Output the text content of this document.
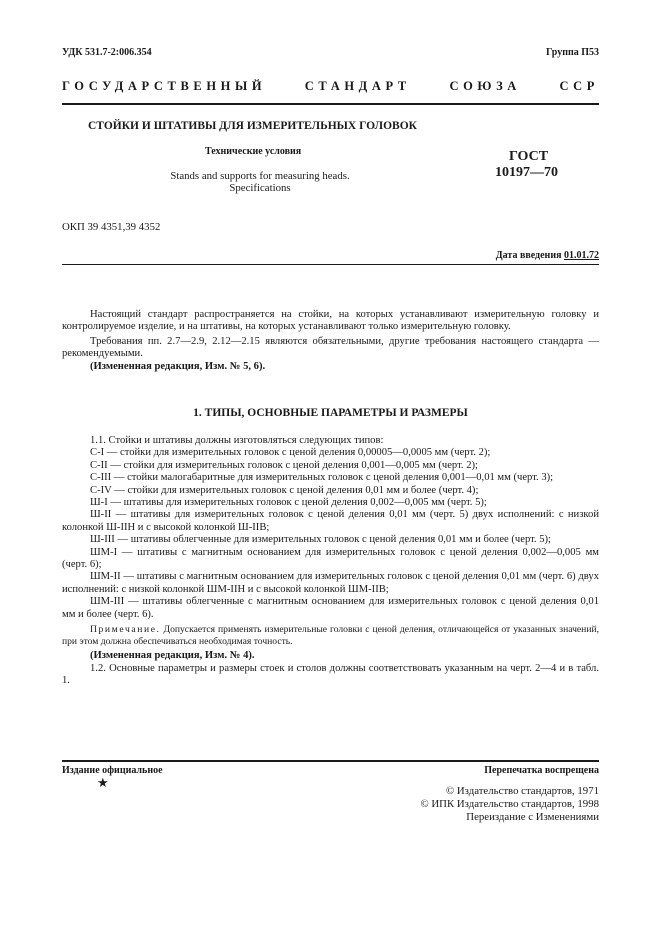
УДК 531.7-2:006.354	Группа П53
ГОСУДАРСТВЕННЫЙ СТАНДАРТ СОЮЗА ССР
СТОЙКИ И ШТАТИВЫ ДЛЯ ИЗМЕРИТЕЛЬНЫХ ГОЛОВОК
Технические условия
Stands and supports for measuring heads.
Specifications
ГОСТ
10197—70
ОКП 39 4351,39 4352
Дата введения 01.01.72

Настоящий стандарт распространяется на стойки, на которых устанавливают измерительную головку и контролируемое изделие, и на штативы, на которых устанавливают только измерительную головку.

Требования пп. 2.7—2.9, 2.12—2.15 являются обязательными, другие требования настоящего стандарта — рекомендуемыми.

(Измененная редакция, Изм. № 5, 6).

1. ТИПЫ, ОСНОВНЫЕ ПАРАМЕТРЫ И РАЗМЕРЫ

1.1. Стойки и штативы должны изготовляться следующих типов:

С-I — стойки для измерительных головок с ценой деления 0,00005—0,0005 мм (черт. 2);

С-II — стойки для измерительных головок с ценой деления 0,001—0,005 мм (черт. 2);

С-III — стойки малогабаритные для измерительных головок с ценой деления 0,001—0,01 мм (черт. 3);

С-IV — стойки для измерительных головок с ценой деления 0,01 мм и более (черт. 4);

Ш-I — штативы для измерительных головок с ценой деления 0,002—0,005 мм (черт. 5);

Ш-II — штативы для измерительных головок с ценой деления 0,01 мм (черт. 5) двух исполнений: с низкой колонкой Ш-IIН и с высокой колонкой Ш-IIВ;

Ш-III — штативы облегченные для измерительных головок с ценой деления 0,01 мм и более (черт. 5);

ШМ-I — штативы с магнитным основанием для измерительных головок с ценой деления 0,002—0,005 мм (черт. 6);

ШМ-II — штативы с магнитным основанием для измерительных головок с ценой деления 0,01 мм (черт. 6) двух исполнений: с низкой колонкой ШМ-IIН и с высокой колонкой ШМ-IIВ;

ШМ-III — штативы облегченные с магнитным основанием для измерительных головок с ценой деления 0,01 мм и более (черт. 6).

Примечание. Допускается применять измерительные головки с ценой деления, отличающейся от указанных значений, при этом должна обеспечиваться необходимая точность.

(Измененная редакция, Изм. № 4).

1.2. Основные параметры и размеры стоек и столов должны соответствовать указанным на черт. 2—4 и в табл. 1.

Издание официальное
★
Перепечатка воспрещена
© Издательство стандартов, 1971
© ИПК Издательство стандартов, 1998
Переиздание с Изменениями
